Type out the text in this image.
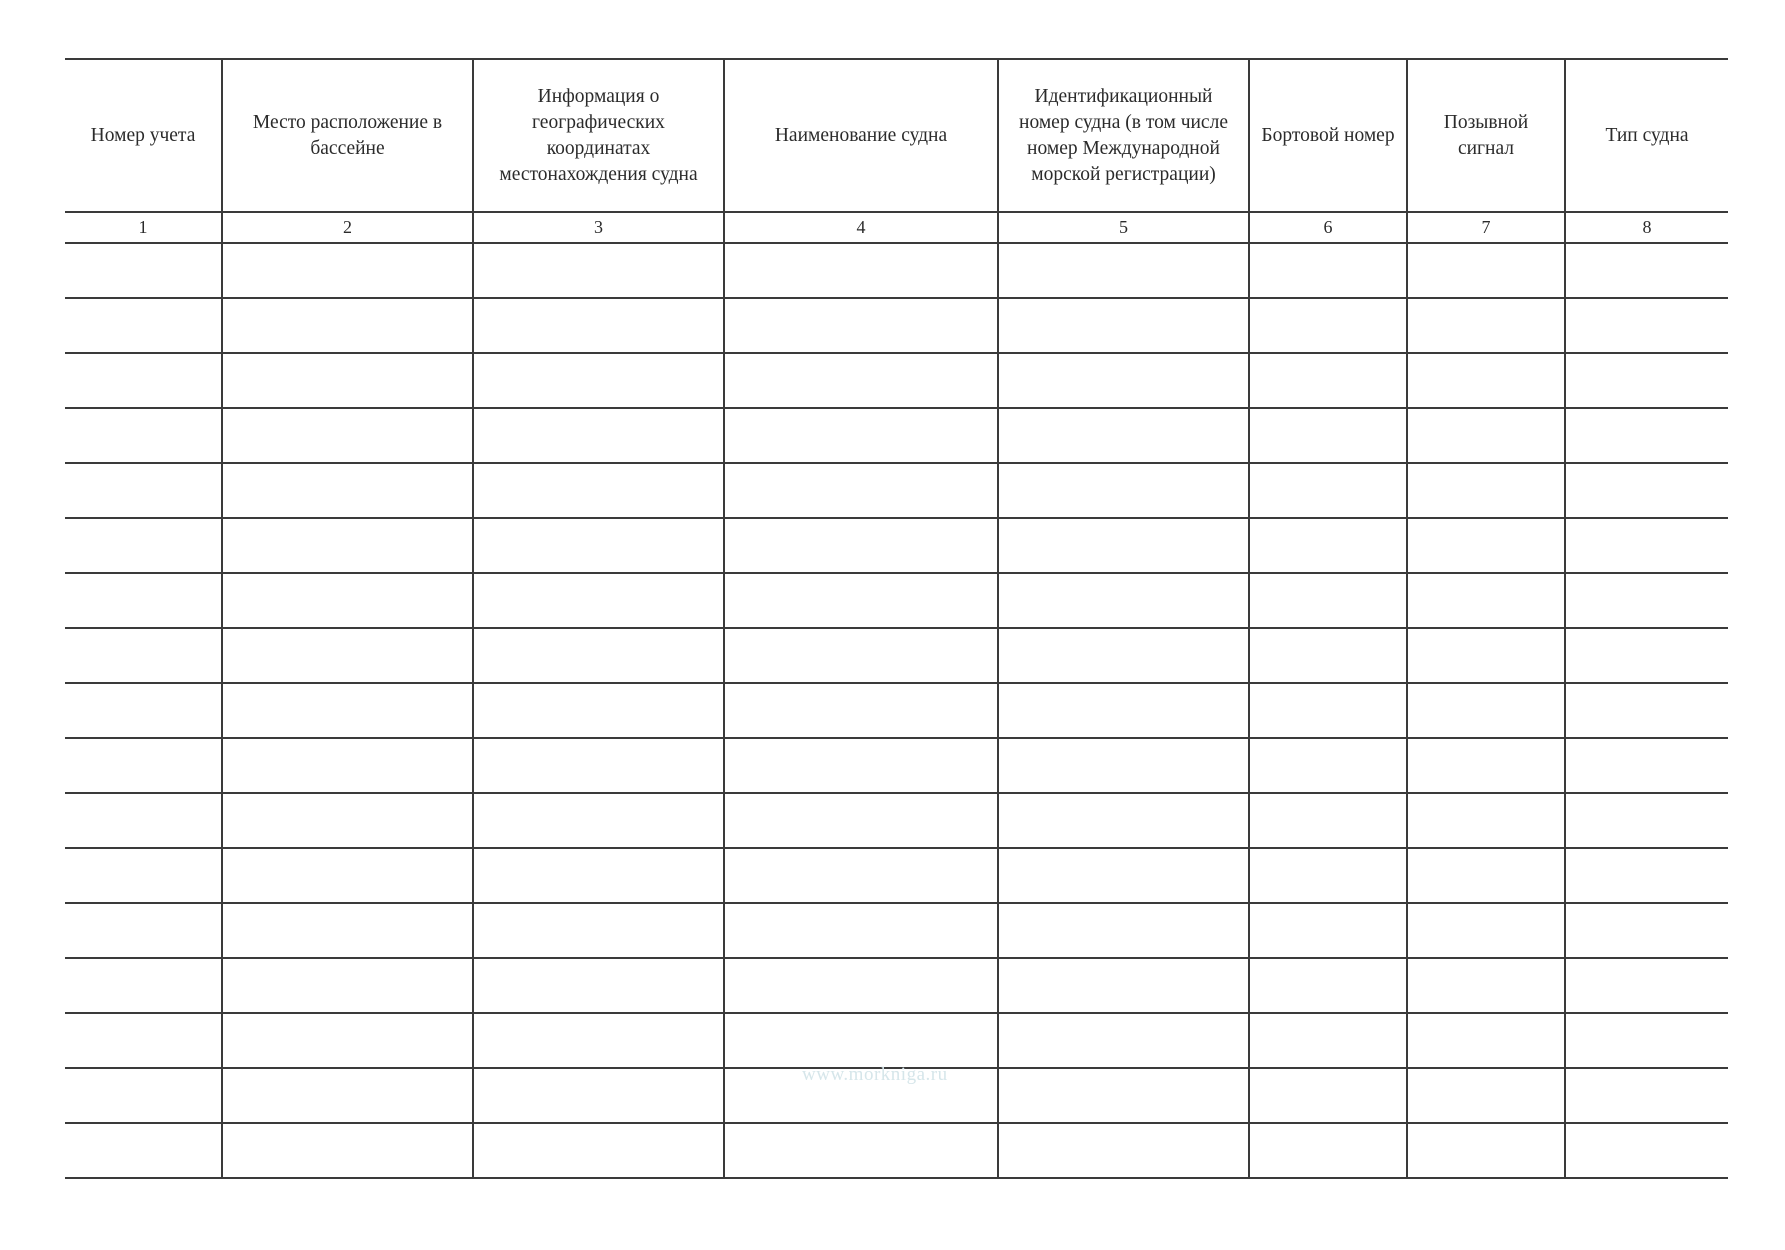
Номер учета	Место расположение в бассейне	Информация о географических координатах местонахождения судна	Наименование судна	Идентификационный номер судна (в том числе номер Международной морской регистрации)	Бортовой номер	Позывной сигнал	Тип судна
1	2	3	4	5	6	7	8

www.morkniga.ru
